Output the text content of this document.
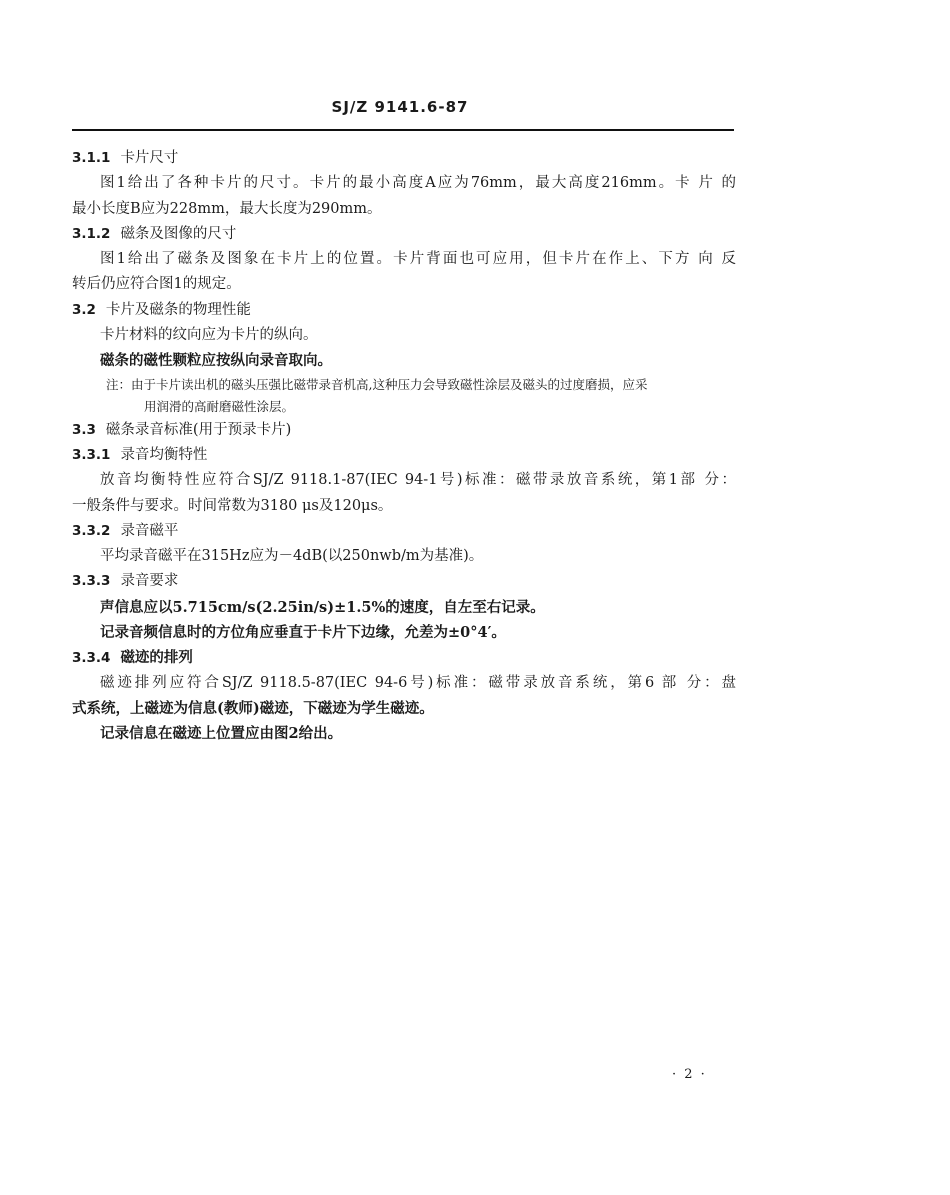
SJ/Z 9141.6-87
3.1.1 卡片尺寸
图1给出了各种卡片的尺寸。卡片的最小高度A应为76mm，最大高度216mm。卡 片 的
最小长度B应为228mm，最大长度为290mm。
3.1.2 磁条及图像的尺寸
图1给出了磁条及图象在卡片上的位置。卡片背面也可应用，但卡片在作上、下方 向 反
转后仍应符合图1的规定。
3.2 卡片及磁条的物理性能
卡片材料的纹向应为卡片的纵向。
磁条的磁性颗粒应按纵向录音取向。
注：由于卡片读出机的磁头压强比磁带录音机高,这种压力会导致磁性涂层及磁头的过度磨损，应采
用润滑的高耐磨磁性涂层。
3.3 磁条录音标准(用于预录卡片)
3.3.1 录音均衡特性
放音均衡特性应符合SJ/Z 9118.1-87(IEC 94-1号)标准：磁带录放音系统，第1部 分：
一般条件与要求。时间常数为3180 μs及120μs。
3.3.2 录音磁平
平均录音磁平在315Hz应为－4dB(以250nwb/m为基准)。
3.3.3 录音要求
声信息应以5.715cm/s(2.25in/s)±1.5%的速度，自左至右记录。
记录音频信息时的方位角应垂直于卡片下边缘，允差为±0°4′。
3.3.4 磁迹的排列
磁迹排列应符合SJ/Z 9118.5-87(IEC 94-6号)标准：磁带录放音系统，第6 部 分：盘
式系统，上磁迹为信息(教师)磁迹，下磁迹为学生磁迹。
记录信息在磁迹上位置应由图2给出。
· 2 ·
